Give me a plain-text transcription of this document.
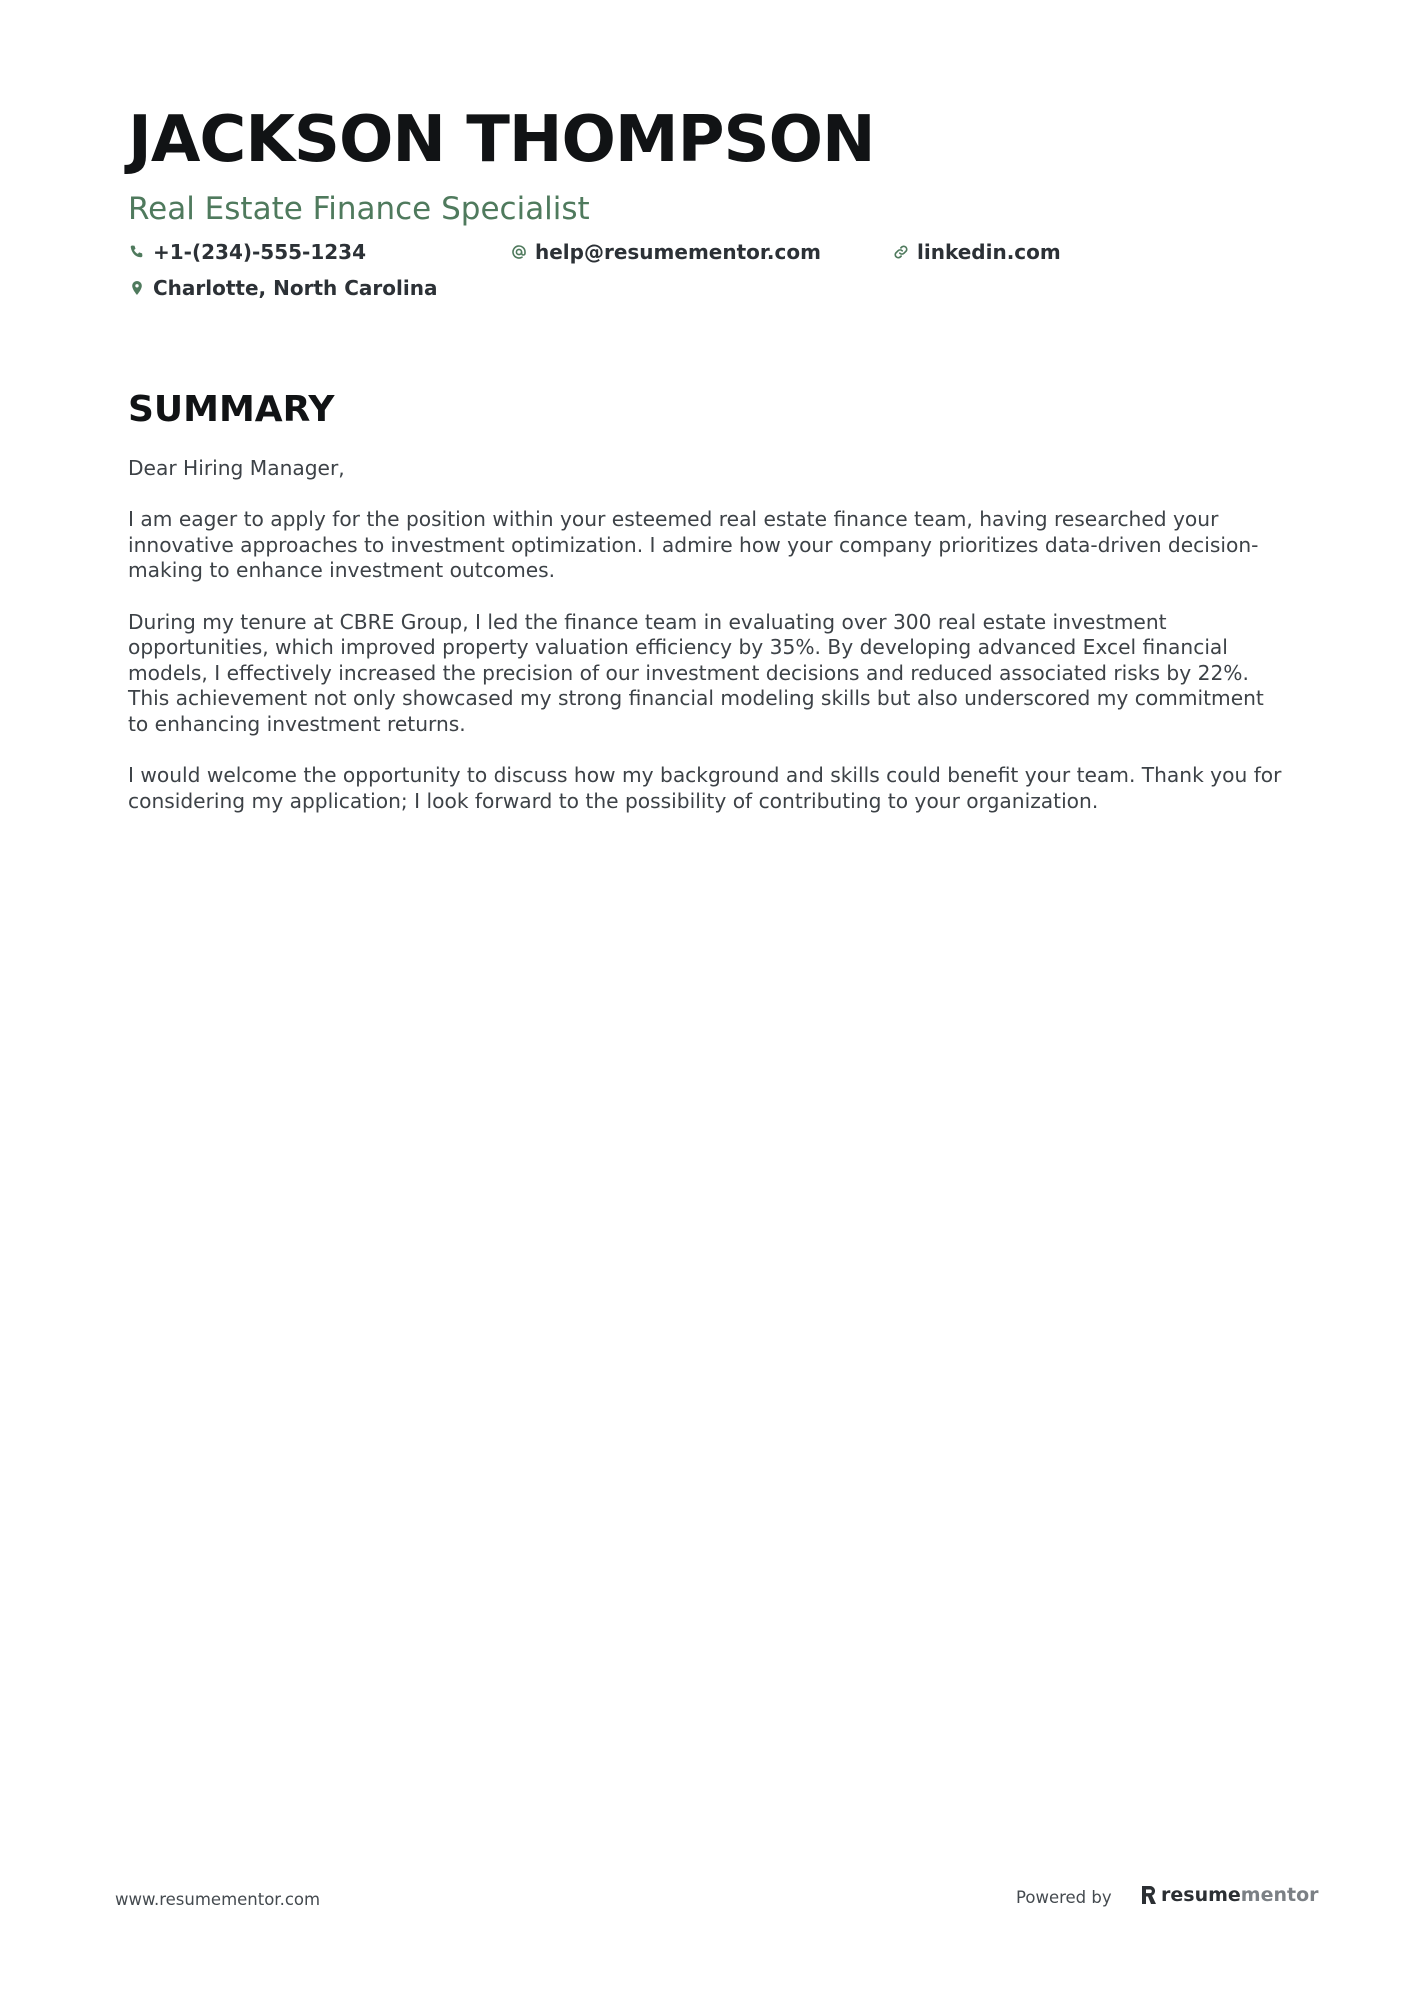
JACKSON THOMPSON
Real Estate Finance Specialist
+1-(234)-555-1234	help@resumementor.com	linkedin.com
Charlotte, North Carolina
SUMMARY

Dear Hiring Manager,

I am eager to apply for the position within your esteemed real estate finance team, having researched your innovative approaches to investment optimization. I admire how your company prioritizes data-driven decision-making to enhance investment outcomes.

During my tenure at CBRE Group, I led the finance team in evaluating over 300 real estate investment opportunities, which improved property valuation efficiency by 35%. By developing advanced Excel financial models, I effectively increased the precision of our investment decisions and reduced associated risks by 22%. This achievement not only showcased my strong financial modeling skills but also underscored my commitment to enhancing investment returns.

I would welcome the opportunity to discuss how my background and skills could benefit your team. Thank you for considering my application; I look forward to the possibility of contributing to your organization.

www.resumementor.com	Powered by	resume mentor
